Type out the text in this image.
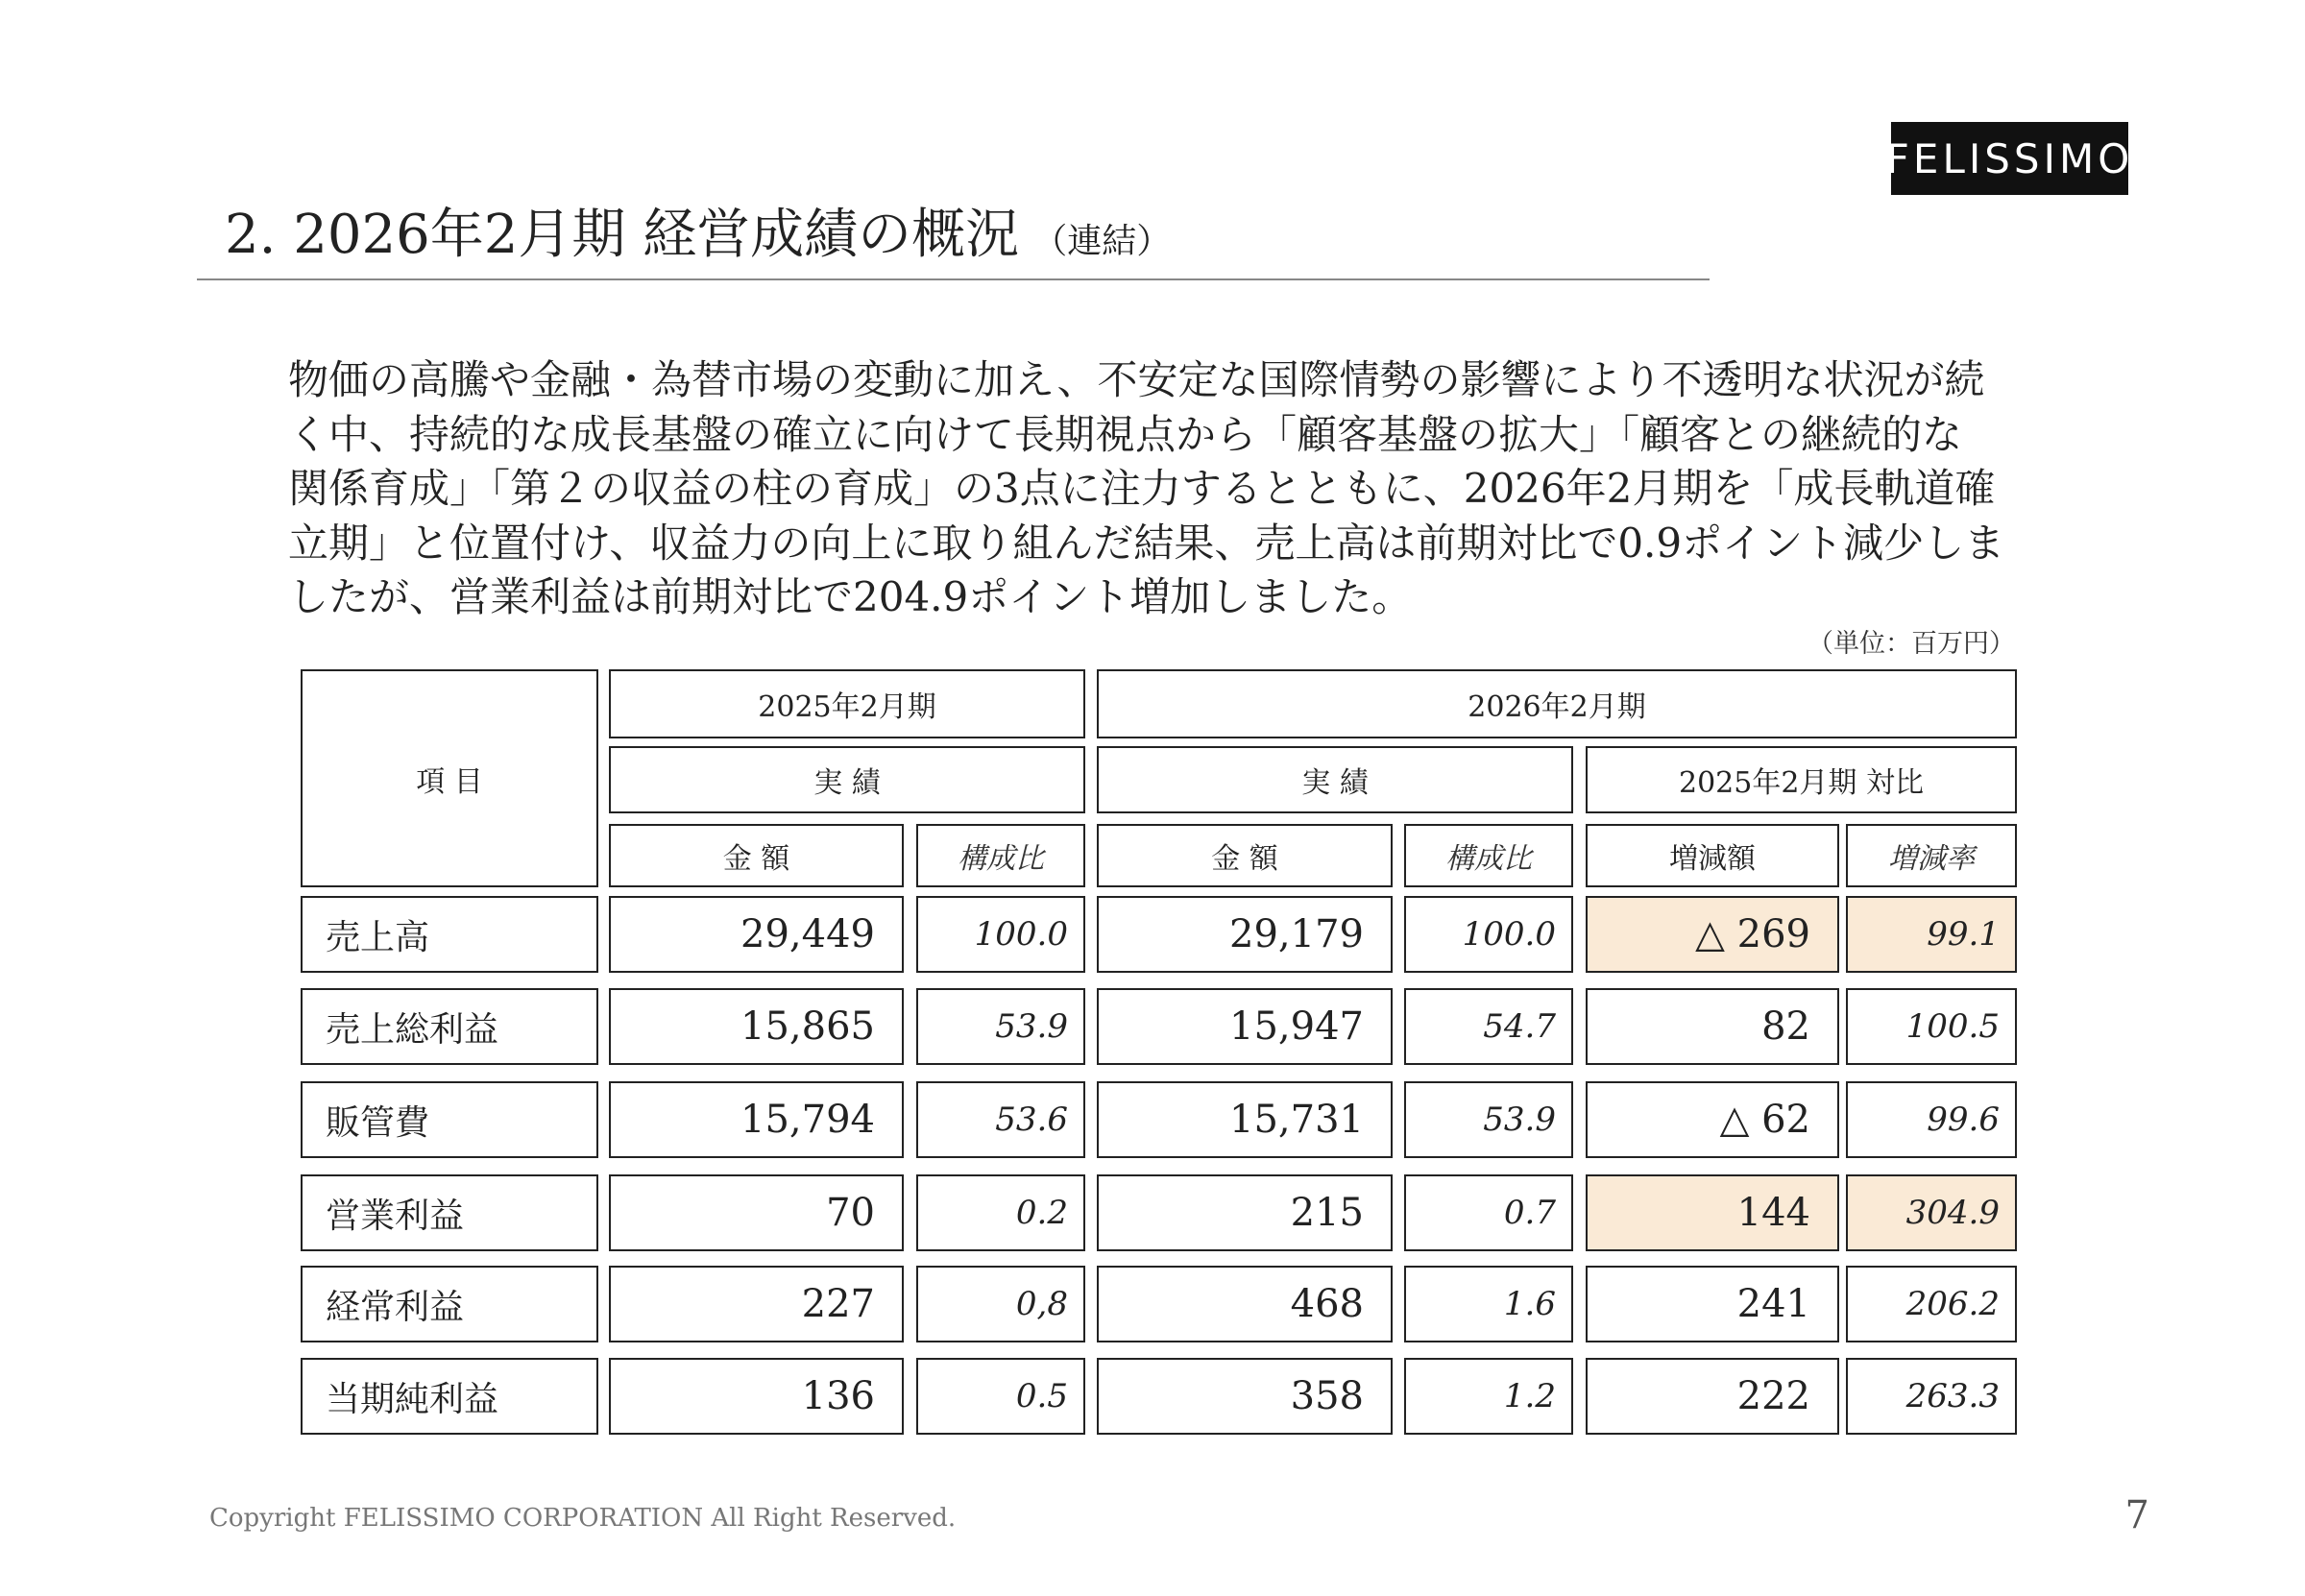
FELISSIMO
2. 2026年2月期 経営成績の概況 （連結）

物価の高騰や金融・為替市場の変動に加え、不安定な国際情勢の影響により不透明な状況が続
く中、持続的な成長基盤の確立に向けて長期視点から「顧客基盤の拡大」「顧客との継続的な
関係育成」「第２の収益の柱の育成」の3点に注力するとともに、2026年2月期を「成長軌道確
立期」と位置付け、収益力の向上に取り組んだ結果、売上高は前期対比で0.9ポイント減少しま
したが、営業利益は前期対比で204.9ポイント増加しました。

（単位：百万円）
項 目
2025年2月期	2026年2月期
実 績	実 績	2025年2月期 対比
金 額	構成比	金 額	構成比	増減額	増減率
売上高	29,449	100.0	29,179	100.0	△ 269	99.1
売上総利益	15,865	53.9	15,947	54.7	82	100.5
販管費	15,794	53.6	15,731	53.9	△ 62	99.6
営業利益	70	0.2	215	0.7	144	304.9
経常利益	227	0,8	468	1.6	241	206.2
当期純利益	136	0.5	358	1.2	222	263.3
Copyright FELISSIMO CORPORATION All Right Reserved.	7
